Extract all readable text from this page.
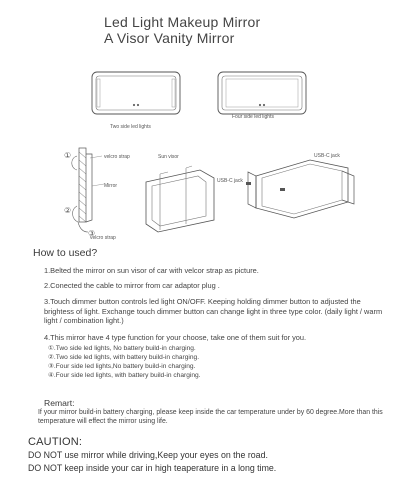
Led Light Makeup Mirror
A Visor Vanity Mirror
Two side led lights
Four side led lights
①
②
③
velcro strap
Mirror
velcro strap
Sun visor
USB-C jack
USB-C jack
How to used?
1.Belted the mirror on sun visor of car with velcor strap as picture.
2.Conected the cable to mirror from car adaptor plug .
3.Touch dimmer button controls led light ON/OFF. Keeping holding dimmer button to adjusted the brightess of light. Exchange touch dimmer button can change light in three type color. (daily light / warm light / combination light.)
4.This mirror have 4 type function for your choose, take one of them suit for you.
①.Two side led lights, No battery build-in charging.
②.Two side led lights, with battery build-in charging.
③.Four side led lights,No battery build-in charging.
④.Four side led lights, with battery build-in charging.
Remart:
If your mirror build-in battery charging, please keep inside the car temperature under by 60 degree.More than this temperature will effect the mirror using life.
CAUTION:
DO NOT use mirror while driving,Keep your eyes on the road.
DO NOT keep inside your car in high teaperature in a long time.
